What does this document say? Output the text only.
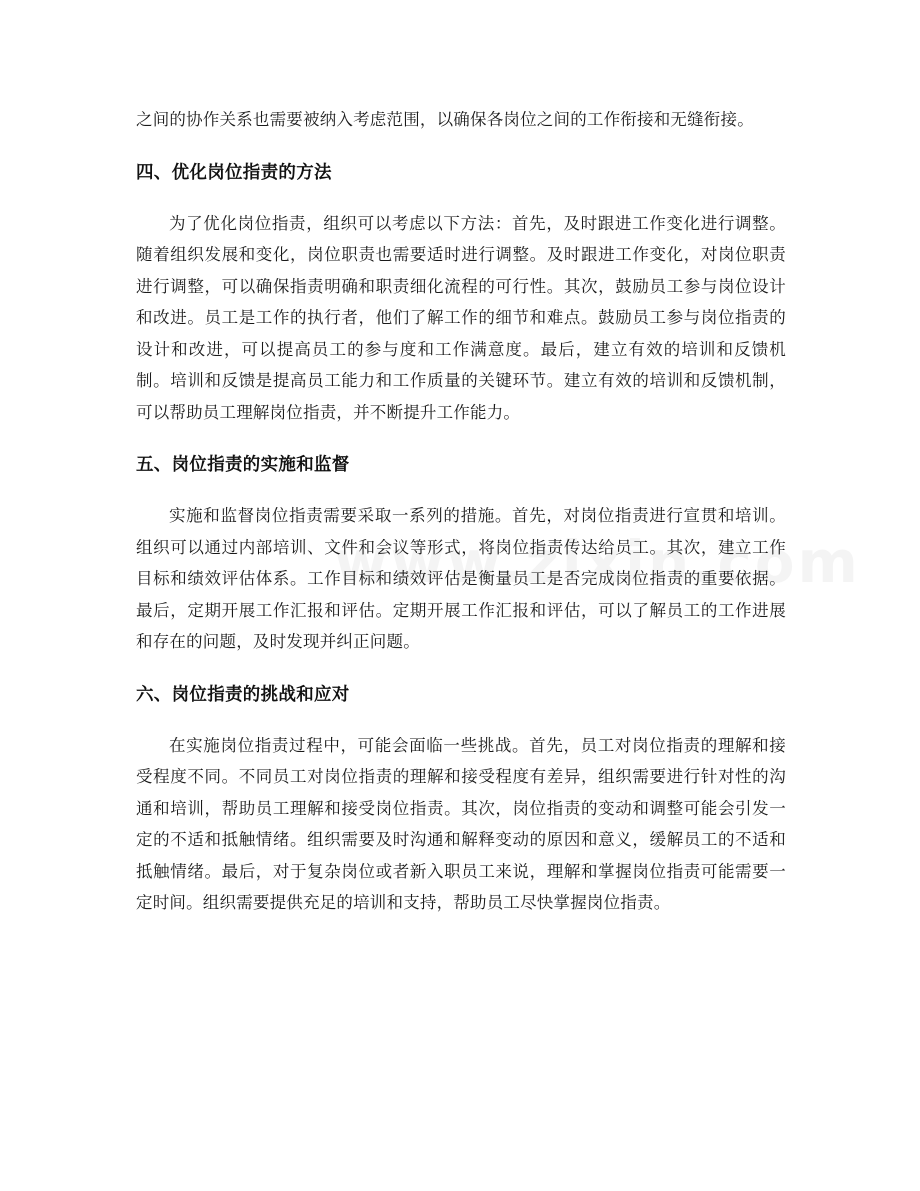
之间的协作关系也需要被纳入考虑范围，以确保各岗位之间的工作衔接和无缝衔接。

四、优化岗位指责的方法

为了优化岗位指责，组织可以考虑以下方法：首先，及时跟进工作变化进行调整。随着组织发展和变化，岗位职责也需要适时进行调整。及时跟进工作变化，对岗位职责进行调整，可以确保指责明确和职责细化流程的可行性。其次，鼓励员工参与岗位设计和改进。员工是工作的执行者，他们了解工作的细节和难点。鼓励员工参与岗位指责的设计和改进，可以提高员工的参与度和工作满意度。最后，建立有效的培训和反馈机制。培训和反馈是提高员工能力和工作质量的关键环节。建立有效的培训和反馈机制，可以帮助员工理解岗位指责，并不断提升工作能力。

五、岗位指责的实施和监督

实施和监督岗位指责需要采取一系列的措施。首先，对岗位指责进行宣贯和培训。组织可以通过内部培训、文件和会议等形式，将岗位指责传达给员工。其次，建立工作目标和绩效评估体系。工作目标和绩效评估是衡量员工是否完成岗位指责的重要依据。最后，定期开展工作汇报和评估。定期开展工作汇报和评估，可以了解员工的工作进展和存在的问题，及时发现并纠正问题。

六、岗位指责的挑战和应对

在实施岗位指责过程中，可能会面临一些挑战。首先，员工对岗位指责的理解和接受程度不同。不同员工对岗位指责的理解和接受程度有差异，组织需要进行针对性的沟通和培训，帮助员工理解和接受岗位指责。其次，岗位指责的变动和调整可能会引发一定的不适和抵触情绪。组织需要及时沟通和解释变动的原因和意义，缓解员工的不适和抵触情绪。最后，对于复杂岗位或者新入职员工来说，理解和掌握岗位指责可能需要一定时间。组织需要提供充足的培训和支持，帮助员工尽快掌握岗位指责。
